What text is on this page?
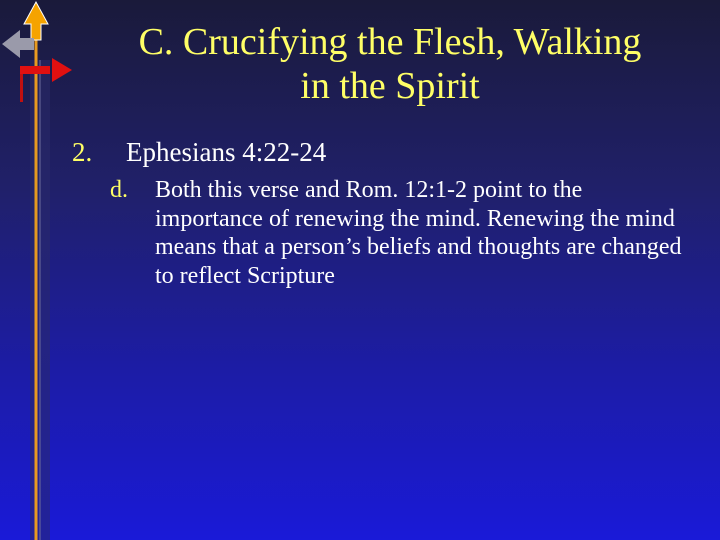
C. Crucifying the Flesh, Walking
in the Spirit
2. Ephesians 4:22-24
d. Both this verse and Rom. 12:1-2 point to the importance of renewing the mind. Renewing the mind means that a person’s beliefs and thoughts are changed to reflect Scripture
